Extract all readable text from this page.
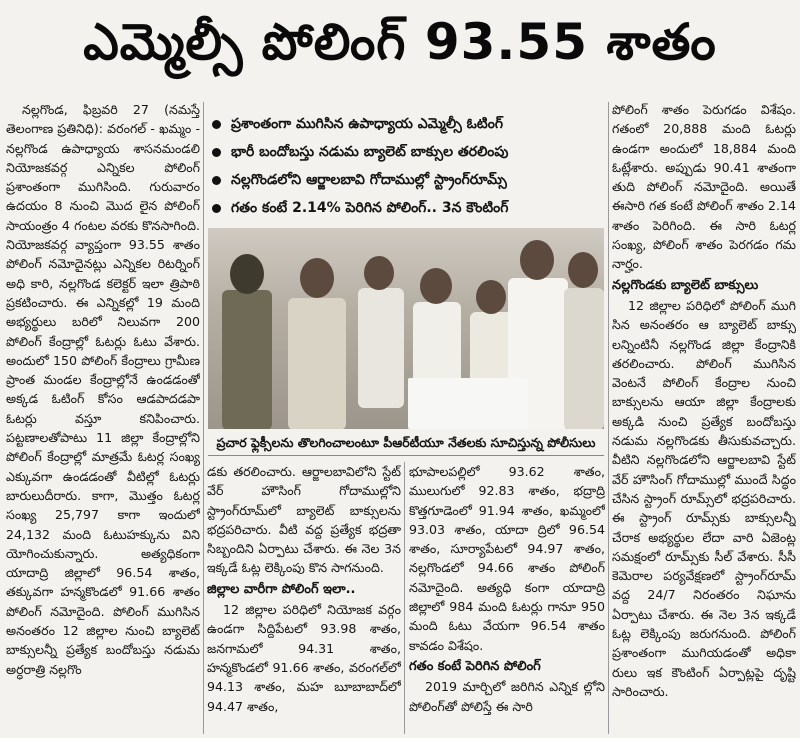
ఎమ్మెల్సీ పోలింగ్ 93.55 శాతం

నల్లగొండ, ఫిబ్రవరి 27 (నమస్తే తెలంగాణ ప్రతినిధి): వరంగల్ - ఖమ్మం - నల్లగొండ ఉపాధ్యాయ శాసనమండలి నియోజకవర్గ ఎన్నికల పోలింగ్ ప్రశాంతంగా ముగిసింది. గురువారం ఉదయం 8 నుంచి మొద లైన పోలింగ్ సాయంత్రం 4 గంటల వరకు కొనసాగింది. నియోజకవర్గ వ్యాప్తంగా 93.55 శాతం పోలింగ్ నమోదైనట్లు ఎన్నికల రిటర్నింగ్ అధి కారి, నల్లగొండ కలెక్టర్ ఇలా త్రిపాఠి ప్రకటించారు. ఈ ఎన్నికల్లో 19 మంది అభ్యర్థులు బరిలో నిలువగా 200 పోలింగ్ కేంద్రాల్లో ఓటర్లు ఓటు వేశారు. అందులో 150 పోలింగ్ కేంద్రాలు గ్రామీణ ప్రాంత మండల కేంద్రాల్లోనే ఉండడంతో అక్కడ ఓటింగ్ కోసం ఆడపాదడపా ఓటర్లు వస్తూ కనిపించారు. పట్టణాలతోపాటు 11 జిల్లా కేంద్రాల్లోని పోలింగ్ కేంద్రాల్లో మాత్రమే ఓటర్ల సంఖ్య ఎక్కువగా ఉండడంతో వీటిల్లో ఓటర్లు బారులుదీరారు. కాగా, మొత్తం ఓటర్ల సంఖ్య 25,797 కాగా ఇందులో 24,132 మంది ఓటుహక్కును విని యోగించుకున్నారు. అత్యధికంగా యాదాద్రి జిల్లాలో 96.54 శాతం, తక్కువగా హన్మకొండలో 91.66 శాతం పోలింగ్ నమోదైంది. పోలింగ్ ముగిసిన అనంతరం 12 జిల్లాల నుంచి బ్యాలెట్ బాక్సులన్నీ ప్రత్యేక బందోబస్తు నడుమ అర్ధరాత్రి నల్లగొం

ప్రశాంతంగా ముగిసిన ఉపాధ్యాయ ఎమ్మెల్సీ ఓటింగ్
భారీ బందోబస్తు నడుమ బ్యాలెట్ బాక్సుల తరలింపు
నల్లగొండలోని ఆర్జాలబావి గోదాముల్లో స్ట్రాంగ్‌రూమ్స్
గతం కంటే 2.14% పెరిగిన పోలింగ్.. 3న కౌంటింగ్
ప్రచార ఫ్లెక్సీలను తొలగించాలంటూ పీఆర్‌టీయూ నేతలకు సూచిస్తున్న పోలీసులు

డకు తరలించారు. ఆర్జాలబావిలోని స్టేట్ వేర్ హౌసింగ్ గోదాముల్లోని స్ట్రాంగ్‌రూమ్‌లో బ్యాలెట్ బాక్సులను భద్రపరిచారు. వీటి వద్ద ప్రత్యేక భద్రతా సిబ్బందిని ఏర్పాటు చేశారు. ఈ నెల 3న ఇక్కడే ఓట్ల లెక్కింపు కొన సాగనుంది.

జిల్లాల వారీగా పోలింగ్ ఇలా..

12 జిల్లాల పరిధిలో నియోజక వర్గం ఉండగా సిద్దిపేటలో 93.98 శాతం, జనగామలో 94.31 శాతం, హన్మకొండలో 91.66 శాతం, వరంగల్‌లో 94.13 శాతం, మహ బూబాబాద్‌లో 94.47 శాతం,

భూపాలపల్లిలో 93.62 శాతం, ములుగులో 92.83 శాతం, భద్రాద్రి కొత్తగూడెంలో 91.94 శాతం, ఖమ్మంలో 93.03 శాతం, యాదా ద్రిలో 96.54 శాతం, సూర్యాపేటలో 94.97 శాతం, నల్లగొండలో 94.66 శాతం పోలింగ్ నమోదైంది. అత్యధి కంగా యాదాద్రి జిల్లాలో 984 మంది ఓటర్లు గానూ 950 మంది ఓటు వేయగా 96.54 శాతం కావడం విశేషం.

గతం కంటే పెరిగిన పోలింగ్

2019 మార్చిలో జరిగిన ఎన్నిక ల్లోని పోలింగ్‌తో పోలిస్తే ఈ సారి

పోలింగ్ శాతం పెరుగడం విశేషం. గతంలో 20,888 మంది ఓటర్లు ఉండగా అందులో 18,884 మంది ఓట్లేశారు. అప్పుడు 90.41 శాతంగా తుది పోలింగ్ నమోదైంది. అయితే ఈసారి గత కంటే పోలింగ్ శాతం 2.14 శాతం పెరిగింది. ఈ సారి ఓటర్ల సంఖ్య, పోలింగ్ శాతం పెరగడం గమ నార్హం.

నల్లగొండకు బ్యాలెట్ బాక్సులు

12 జిల్లాల పరిధిలో పోలింగ్ ముగి సిన అనంతరం ఆ బ్యాలెట్ బాక్సు లన్నింటినీ నల్లగొండ జిల్లా కేంద్రానికి తరలించారు. పోలింగ్ ముగిసిన వెంటనే పోలింగ్ కేంద్రాల నుంచి బాక్సులను ఆయా జిల్లా కేంద్రాలకు అక్కడి నుంచి ప్రత్యేక బందోబస్తు నడుమ నల్లగొండకు తీసుకువచ్చారు. వీటిని నల్లగొండలోని ఆర్జాలబావి స్టేట్ వేర్ హౌసింగ్ గోదాముల్లో ముందే సిద్ధం చేసిన స్ట్రాంగ్ రూమ్స్‌లో భద్రపరిచారు. ఈ స్ట్రాంగ్ రూమ్స్‌కు బాక్సులన్నీ చేరాక అభ్యర్థుల లేదా వారి ఏజెంట్ల సమక్షంలో రూమ్స్‌కు సీల్ వేశారు. సీసీ కెమెరాల పర్యవేక్షణలో స్ట్రాంగ్‌రూమ్ వద్ద 24/7 నిరంతరం నిఘాను ఏర్పాటు చేశారు. ఈ నెల 3న ఇక్కడే ఓట్ల లెక్కింపు జరుగనుంది. పోలింగ్ ప్రశాంతంగా ముగియడంతో అధికా రులు ఇక కౌంటింగ్ ఏర్పాట్లపై దృష్టి సారించారు.
